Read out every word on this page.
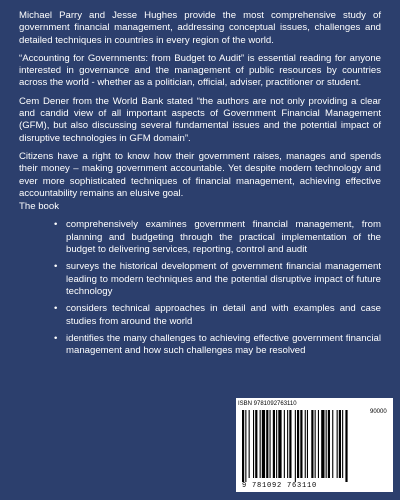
Michael Parry and Jesse Hughes provide the most comprehensive study of government financial management, addressing conceptual issues, challenges and detailed techniques in countries in every region of the world.

“Accounting for Governments: from Budget to Audit” is essential reading for anyone interested in governance and the management of public resources by countries across the world - whether as a politician, official, adviser, practitioner or student.

Cem Dener from the World Bank stated “the authors are not only providing a clear and candid view of all important aspects of Government Financial Management (GFM), but also discussing several fundamental issues and the potential impact of disruptive technologies in GFM domain”.

Citizens have a right to know how their government raises, manages and spends their money – making government accountable. Yet despite modern technology and ever more sophisticated techniques of financial management, achieving effective accountability remains an elusive goal.

The book

• comprehensively examines government financial management, from planning and budgeting through the practical implementation of the budget to delivering services, reporting, control and audit
• surveys the historical development of government financial management leading to modern techniques and the potential disruptive impact of future technology
• considers technical approaches in detail and with examples and case studies from around the world
• identifies the many challenges to achieving effective government financial management and how such challenges may be resolved
ISBN 9781092763110
90000
9 781092 763110
